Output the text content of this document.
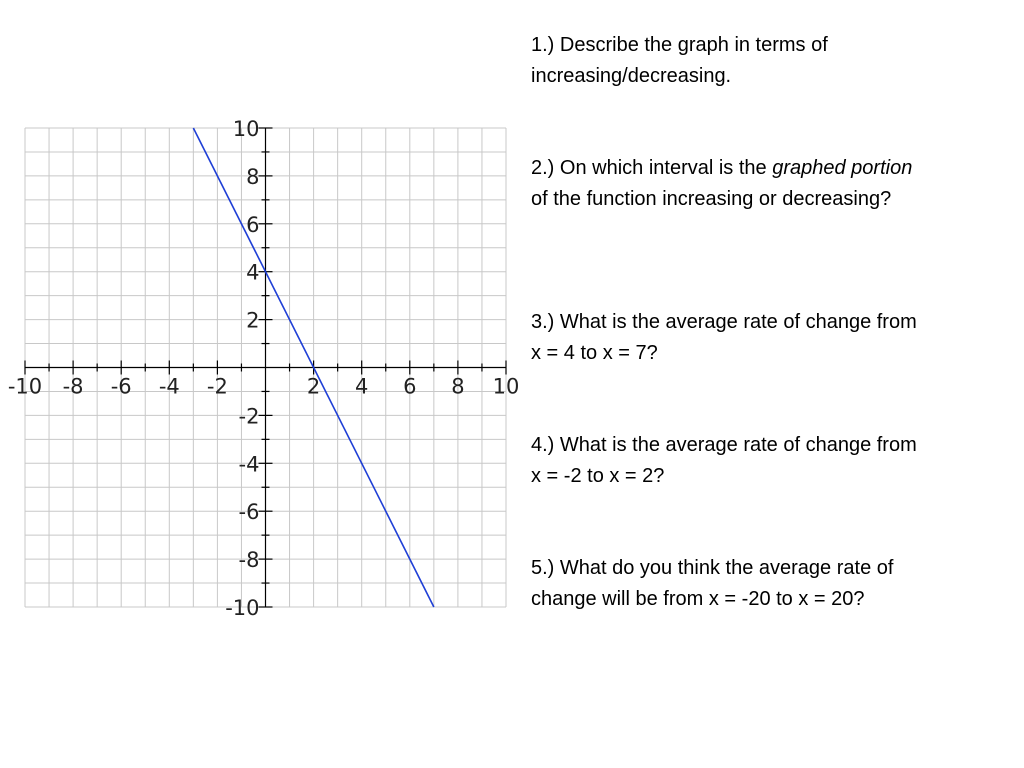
-10 -8 -6 -4 -2	2 4 6 8 10
10
8
6
4
2
-2
-4
-6
-8
-10

1.) Describe the graph in terms of increasing/decreasing.

2.) On which interval is the graphed portion of the function increasing or decreasing?

3.) What is the average rate of change from x = 4 to x = 7?

4.) What is the average rate of change from x = -2 to x = 2?

5.) What do you think the average rate of change will be from x = -20 to x = 20?
